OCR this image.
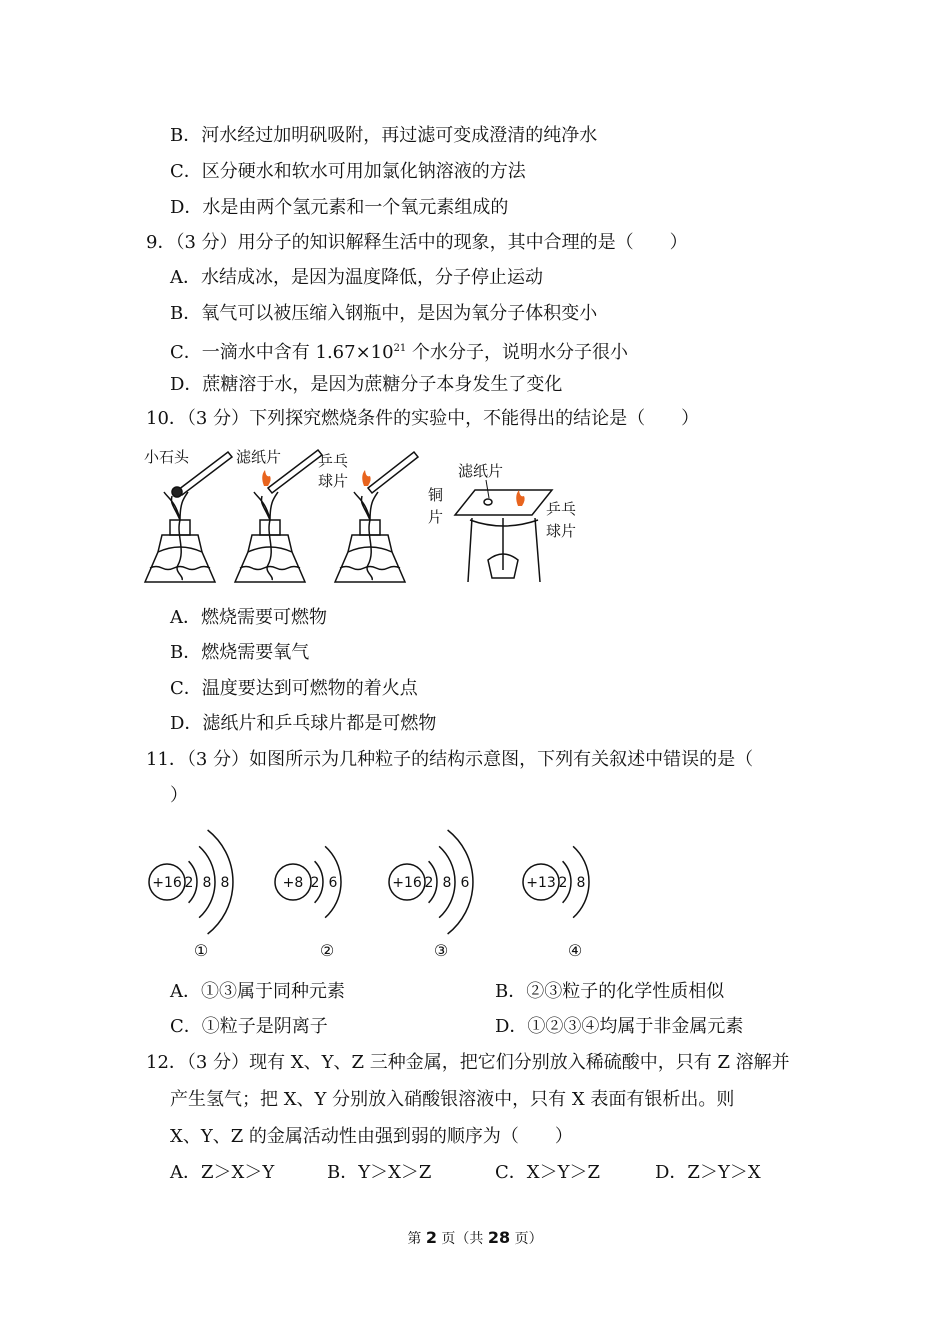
B．河水经过加明矾吸附，再过滤可变成澄清的纯净水
C．区分硬水和软水可用加氯化钠溶液的方法
D．水是由两个氢元素和一个氧元素组成的
9．（3 分）用分子的知识解释生活中的现象，其中合理的是（　　）
A．水结成冰，是因为温度降低，分子停止运动
B．氧气可以被压缩入钢瓶中，是因为氧分子体积变小
C．一滴水中含有 $1.67\times 10^{21}$ 个水分子，说明水分子很小
D．蔗糖溶于水，是因为蔗糖分子本身发生了变化
10．（3 分）下列探究燃烧条件的实验中，不能得出的结论是（　　）
小石头	滤纸片 乒乓
球片
滤纸片
铜
片	乒乓
球片
A．燃烧需要可燃物
B．燃烧需要氧气
C．温度要达到可燃物的着火点
D．滤纸片和乒乓球片都是可燃物
11．（3 分）如图所示为几种粒子的结构示意图，下列有关叙述中错误的是（
）
+16 2 8 8
①
+8 2 6
②
+16 2 8 6
③
+13 2 8
④
A．①③属于同种元素	B．②③粒子的化学性质相似
C．①粒子是阴离子	D．①②③④均属于非金属元素
12．（3 分）现有 X、Y、Z 三种金属，把它们分别放入稀硫酸中，只有 Z 溶解并
产生氢气；把 X、Y 分别放入硝酸银溶液中，只有 X 表面有银析出。则
X、Y、Z 的金属活动性由强到弱的顺序为（　　）
A．Z＞X＞Y	B．Y＞X＞Z	C．X＞Y＞Z	D．Z＞Y＞X
第 2 页（共 28 页）
